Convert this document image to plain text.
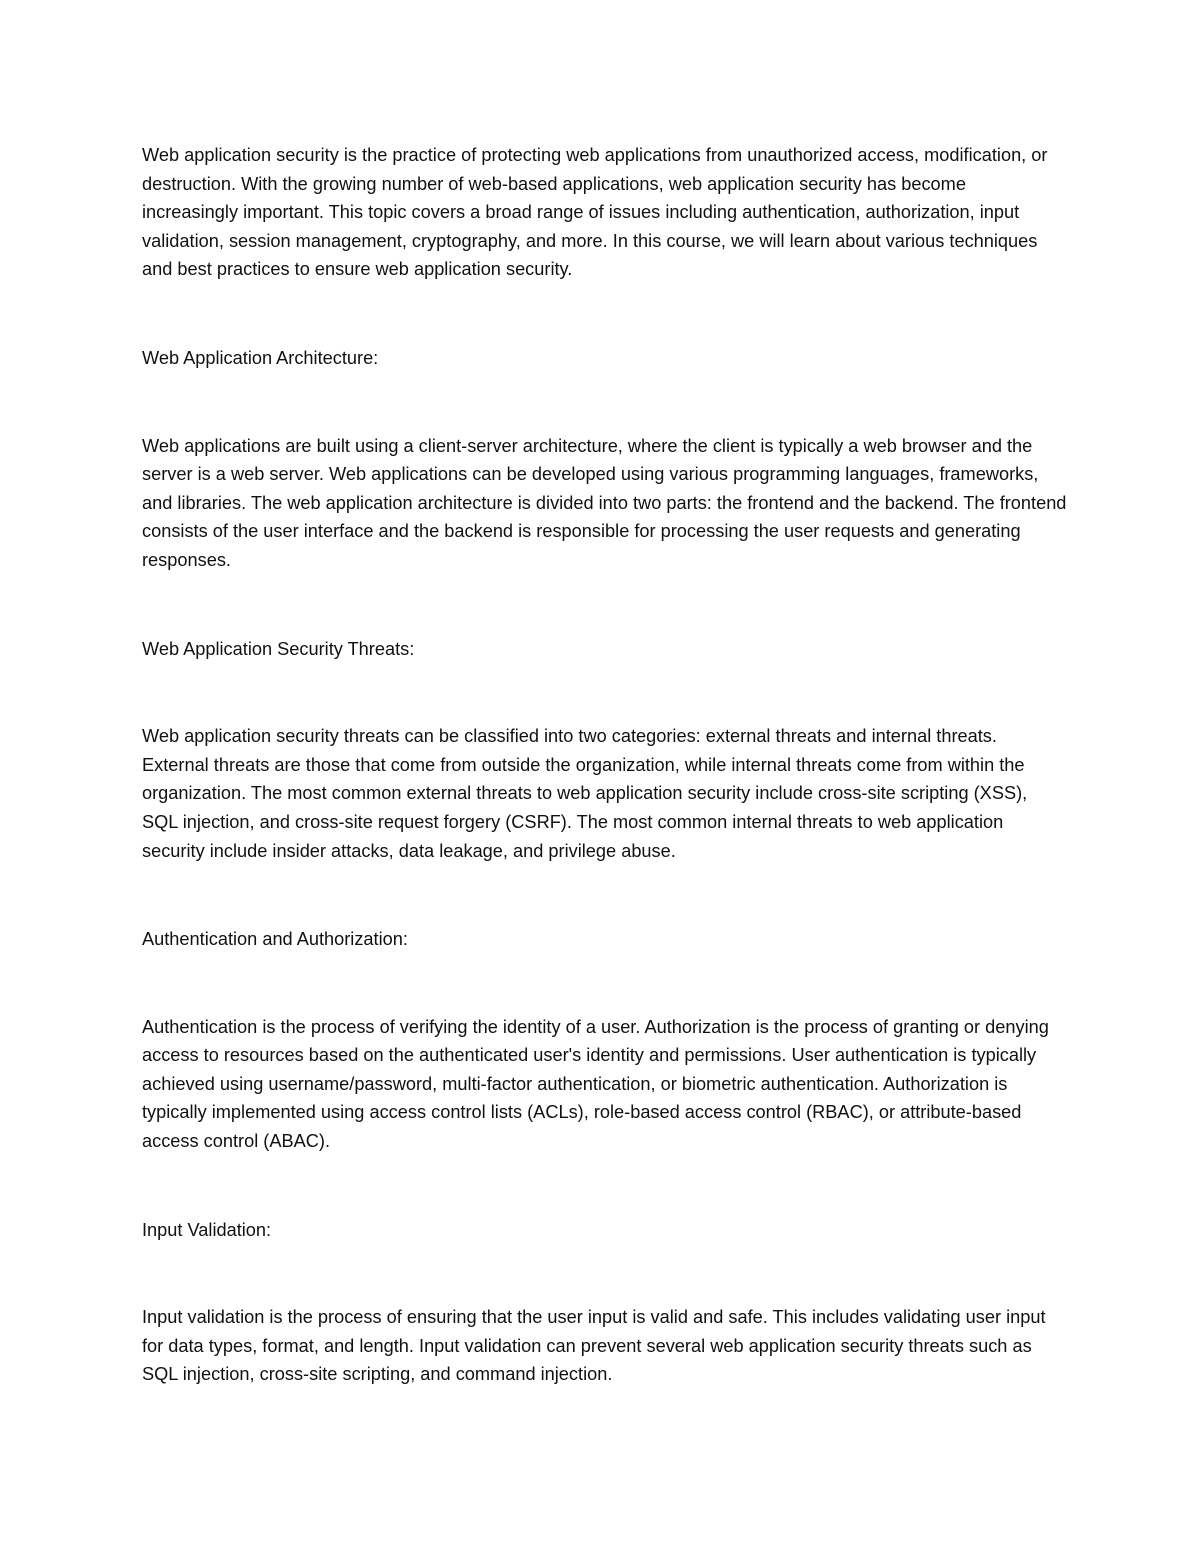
Web application security is the practice of protecting web applications from unauthorized access, modification, or destruction. With the growing number of web-based applications, web application security has become increasingly important. This topic covers a broad range of issues including authentication, authorization, input validation, session management, cryptography, and more. In this course, we will learn about various techniques and best practices to ensure web application security.

Web Application Architecture:

Web applications are built using a client-server architecture, where the client is typically a web browser and the server is a web server. Web applications can be developed using various programming languages, frameworks, and libraries. The web application architecture is divided into two parts: the frontend and the backend. The frontend consists of the user interface and the backend is responsible for processing the user requests and generating responses.

Web Application Security Threats:

Web application security threats can be classified into two categories: external threats and internal threats. External threats are those that come from outside the organization, while internal threats come from within the organization. The most common external threats to web application security include cross-site scripting (XSS), SQL injection, and cross-site request forgery (CSRF). The most common internal threats to web application security include insider attacks, data leakage, and privilege abuse.

Authentication and Authorization:

Authentication is the process of verifying the identity of a user. Authorization is the process of granting or denying access to resources based on the authenticated user's identity and permissions. User authentication is typically achieved using username/password, multi-factor authentication, or biometric authentication. Authorization is typically implemented using access control lists (ACLs), role-based access control (RBAC), or attribute-based access control (ABAC).

Input Validation:

Input validation is the process of ensuring that the user input is valid and safe. This includes validating user input for data types, format, and length. Input validation can prevent several web application security threats such as SQL injection, cross-site scripting, and command injection.
